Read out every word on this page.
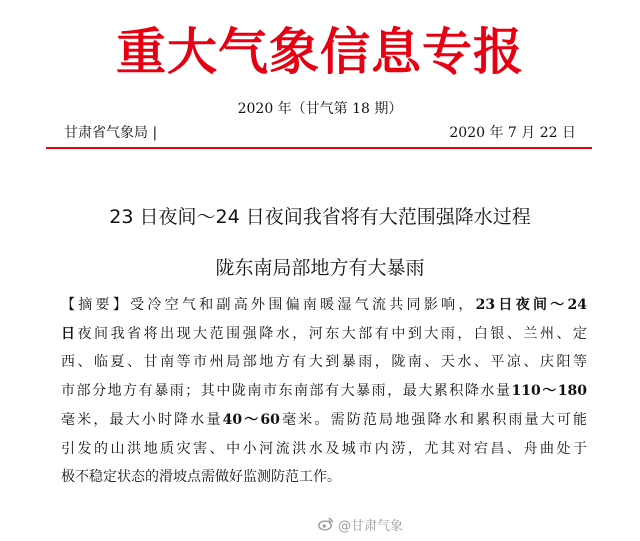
重大气象信息专报
2020 年（甘气第 18 期）
甘肃省气象局 |	2020 年 7 月 22 日
23 日夜间～24 日夜间我省将有大范围强降水过程
陇东南局部地方有大暴雨
【摘要】受冷空气和副高外围偏南暖湿气流共同影响，23日夜间～24
日夜间我省将出现大范围强降水，河东大部有中到大雨，白银、兰州、定
西、临夏、甘南等市州局部地方有大到暴雨，陇南、天水、平凉、庆阳等
市部分地方有暴雨；其中陇南市东南部有大暴雨，最大累积降水量110～180
毫米，最大小时降水量40～60毫米。需防范局地强降水和累积雨量大可能
引发的山洪地质灾害、中小河流洪水及城市内涝，尤其对宕昌、舟曲处于
极不稳定状态的滑坡点需做好监测防范工作。
@甘肃气象
